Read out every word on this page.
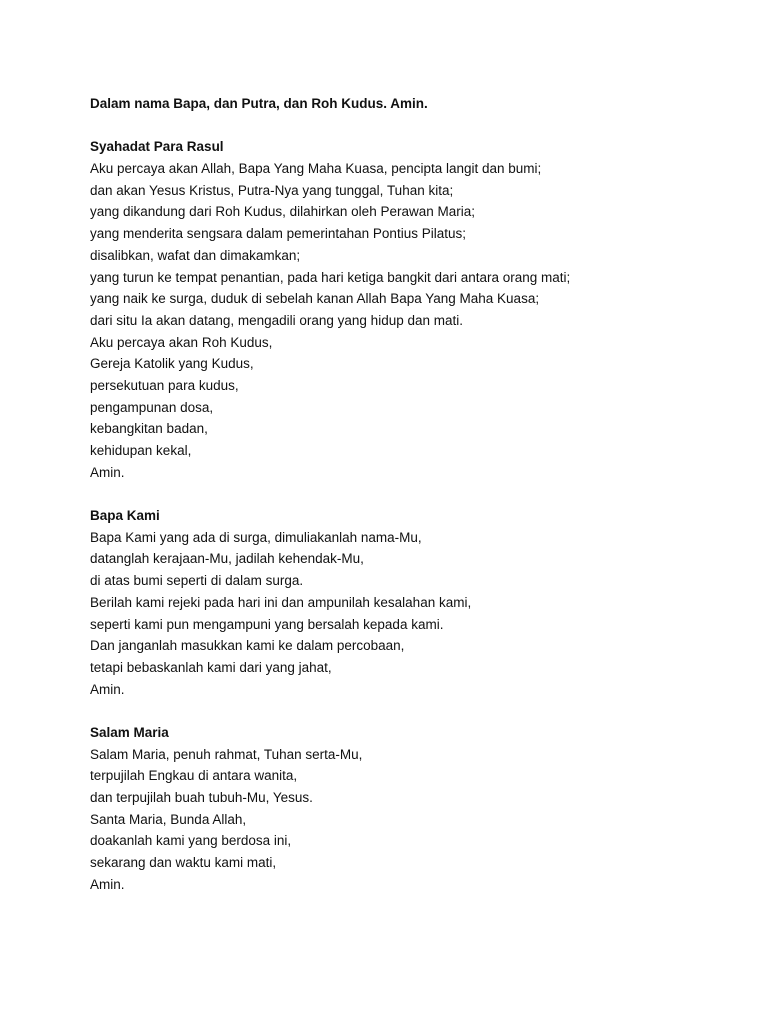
Dalam nama Bapa, dan Putra, dan Roh Kudus. Amin.
Syahadat Para Rasul
Aku percaya akan Allah, Bapa Yang Maha Kuasa, pencipta langit dan bumi;
dan akan Yesus Kristus, Putra-Nya yang tunggal, Tuhan kita;
yang dikandung dari Roh Kudus, dilahirkan oleh Perawan Maria;
yang menderita sengsara dalam pemerintahan Pontius Pilatus;
disalibkan, wafat dan dimakamkan;
yang turun ke tempat penantian, pada hari ketiga bangkit dari antara orang mati;
yang naik ke surga, duduk di sebelah kanan Allah Bapa Yang Maha Kuasa;
dari situ Ia akan datang, mengadili orang yang hidup dan mati.
Aku percaya akan Roh Kudus,
Gereja Katolik yang Kudus,
persekutuan para kudus,
pengampunan dosa,
kebangkitan badan,
kehidupan kekal,
Amin.
Bapa Kami
Bapa Kami yang ada di surga, dimuliakanlah nama-Mu,
datanglah kerajaan-Mu, jadilah kehendak-Mu,
di atas bumi seperti di dalam surga.
Berilah kami rejeki pada hari ini dan ampunilah kesalahan kami,
seperti kami pun mengampuni yang bersalah kepada kami.
Dan janganlah masukkan kami ke dalam percobaan,
tetapi bebaskanlah kami dari yang jahat,
Amin.
Salam Maria
Salam Maria, penuh rahmat, Tuhan serta-Mu,
terpujilah Engkau di antara wanita,
dan terpujilah buah tubuh-Mu, Yesus.
Santa Maria, Bunda Allah,
doakanlah kami yang berdosa ini,
sekarang dan waktu kami mati,
Amin.
